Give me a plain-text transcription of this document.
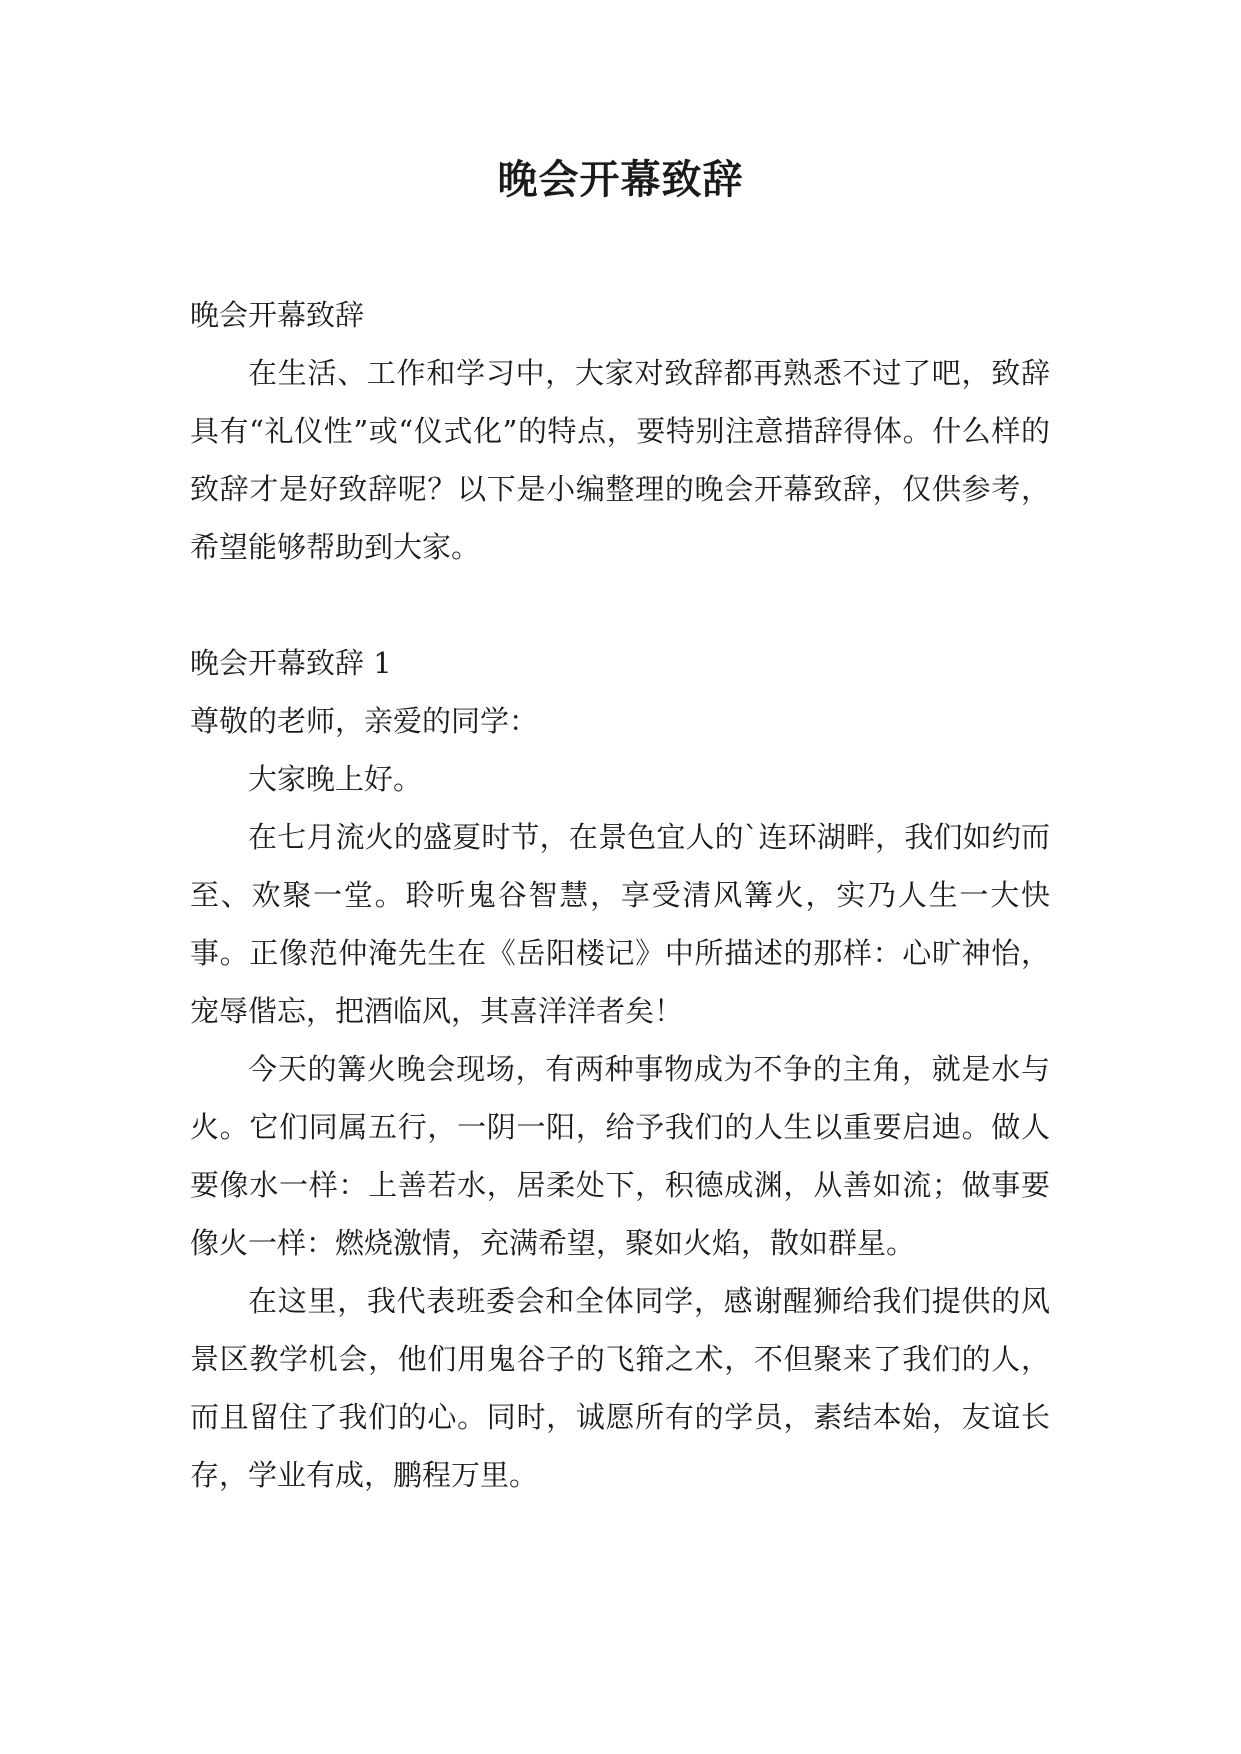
晚会开幕致辞

晚会开幕致辞

在生活、工作和学习中，大家对致辞都再熟悉不过了吧，致辞具有“礼仪性”或“仪式化”的特点，要特别注意措辞得体。什么样的致辞才是好致辞呢？以下是小编整理的晚会开幕致辞，仅供参考，希望能够帮助到大家。

晚会开幕致辞 1

尊敬的老师，亲爱的同学：

大家晚上好。

在七月流火的盛夏时节，在景色宜人的`连环湖畔，我们如约而至、欢聚一堂。聆听鬼谷智慧，享受清风篝火，实乃人生一大快事。正像范仲淹先生在《岳阳楼记》中所描述的那样：心旷神怡，宠辱偕忘，把酒临风，其喜洋洋者矣！

今天的篝火晚会现场，有两种事物成为不争的主角，就是水与火。它们同属五行，一阴一阳，给予我们的人生以重要启迪。做人要像水一样：上善若水，居柔处下，积德成渊，从善如流；做事要像火一样：燃烧激情，充满希望，聚如火焰，散如群星。

在这里，我代表班委会和全体同学，感谢醒狮给我们提供的风景区教学机会，他们用鬼谷子的飞箝之术，不但聚来了我们的人，而且留住了我们的心。同时，诚愿所有的学员，素结本始，友谊长存，学业有成，鹏程万里。
